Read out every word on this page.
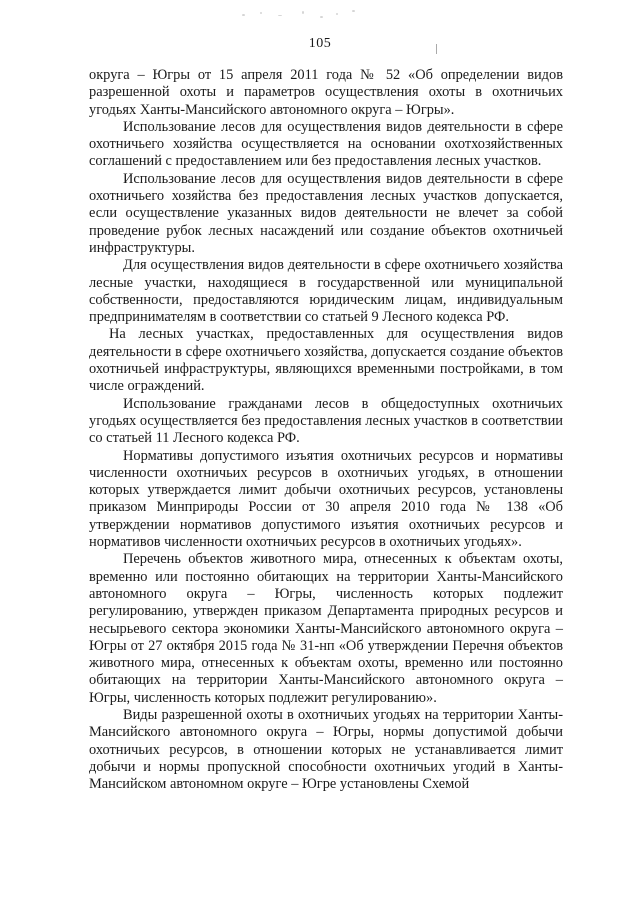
105

округа – Югры от 15 апреля 2011 года № 52 «Об определении видов разрешенной охоты и параметров осуществления охоты в охотничьих угодьях Ханты-Мансийского автономного округа – Югры».

Использование лесов для осуществления видов деятельности в сфере охотничьего хозяйства осуществляется на основании охотхозяйственных соглашений с предоставлением или без предоставления лесных участков.

Использование лесов для осуществления видов деятельности в сфере охотничьего хозяйства без предоставления лесных участков допускается, если осуществление указанных видов деятельности не влечет за собой проведение рубок лесных насаждений или создание объектов охотничьей инфраструктуры.

Для осуществления видов деятельности в сфере охотничьего хозяйства лесные участки, находящиеся в государственной или муниципальной собственности, предоставляются юридическим лицам, индивидуальным предпринимателям в соответствии со статьей 9 Лесного кодекса РФ.

На лесных участках, предоставленных для осуществления видов деятельности в сфере охотничьего хозяйства, допускается создание объектов охотничьей инфраструктуры, являющихся временными постройками, в том числе ограждений.

Использование гражданами лесов в общедоступных охотничьих угодьях осуществляется без предоставления лесных участков в соответствии со статьей 11 Лесного кодекса РФ.

Нормативы допустимого изъятия охотничьих ресурсов и нормативы численности охотничьих ресурсов в охотничьих угодьях, в отношении которых утверждается лимит добычи охотничьих ресурсов, установлены приказом Минприроды России от 30 апреля 2010 года № 138 «Об утверждении нормативов допустимого изъятия охотничьих ресурсов и нормативов численности охотничьих ресурсов в охотничьих угодьях».

Перечень объектов животного мира, отнесенных к объектам охоты, временно или постоянно обитающих на территории Ханты-Мансийского автономного округа – Югры, численность которых подлежит регулированию, утвержден приказом Департамента природных ресурсов и несырьевого сектора экономики Ханты-Мансийского автономного округа – Югры от 27 октября 2015 года № 31-нп «Об утверждении Перечня объектов животного мира, отнесенных к объектам охоты, временно или постоянно обитающих на территории Ханты-Мансийского автономного округа – Югры, численность которых подлежит регулированию».

Виды разрешенной охоты в охотничьих угодьях на территории Ханты-Мансийского автономного округа – Югры, нормы допустимой добычи охотничьих ресурсов, в отношении которых не устанавливается лимит добычи и нормы пропускной способности охотничьих угодий в Ханты-Мансийском автономном округе – Югре установлены Схемой
